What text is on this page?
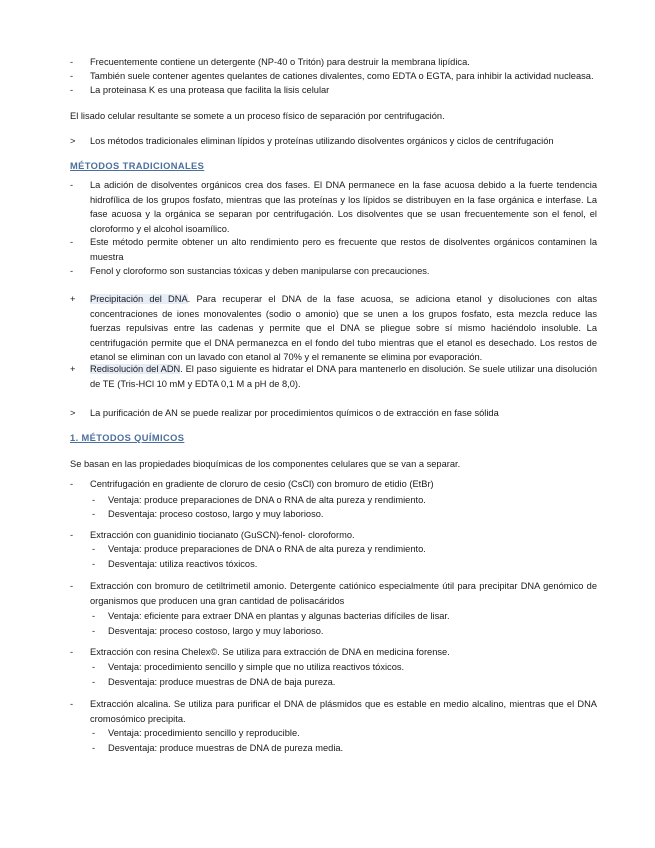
-	Frecuentemente contiene un detergente (NP-40 o Tritón) para destruir la membrana lipídica.
-	También suele contener agentes quelantes de cationes divalentes, como EDTA o EGTA, para inhibir la actividad nucleasa.
-	La proteinasa K es una proteasa que facilita la lisis celular
El lisado celular resultante se somete a un proceso físico de separación por centrifugación.
>	Los métodos tradicionales eliminan lípidos y proteínas utilizando disolventes orgánicos y ciclos de centrifugación
MÉTODOS TRADICIONALES
-	La adición de disolventes orgánicos crea dos fases. El DNA permanece en la fase acuosa debido a la fuerte tendencia hidrofílica de los grupos fosfato, mientras que las proteínas y los lípidos se distribuyen en la fase orgánica e interfase. La fase acuosa y la orgánica se separan por centrifugación. Los disolventes que se usan frecuentemente son el fenol, el cloroformo y el alcohol isoamílico.
-	Este método permite obtener un alto rendimiento pero es frecuente que restos de disolventes orgánicos contaminen la muestra
-	Fenol y cloroformo son sustancias tóxicas y deben manipularse con precauciones.
+	Precipitación del DNA. Para recuperar el DNA de la fase acuosa, se adiciona etanol y disoluciones con altas concentraciones de iones monovalentes (sodio o amonio) que se unen a los grupos fosfato, esta mezcla reduce las fuerzas repulsivas entre las cadenas y permite que el DNA se pliegue sobre sí mismo haciéndolo insoluble. La centrifugación permite que el DNA permanezca en el fondo del tubo mientras que el etanol es desechado. Los restos de etanol se eliminan con un lavado con etanol al 70% y el remanente se elimina por evaporación.
+	Redisolución del ADN. El paso siguiente es hidratar el DNA para mantenerlo en disolución. Se suele utilizar una disolución de TE (Tris-HCl 10 mM y EDTA 0,1 M a pH de 8,0).
>	La purificación de AN se puede realizar por procedimientos químicos o de extracción en fase sólida
1. MÉTODOS QUÍMICOS
Se basan en las propiedades bioquímicas de los componentes celulares que se van a separar.
-	Centrifugación en gradiente de cloruro de cesio (CsCl) con bromuro de etidio (EtBr)
- Ventaja: produce preparaciones de DNA o RNA de alta pureza y rendimiento.
- Desventaja: proceso costoso, largo y muy laborioso.
-	Extracción con guanidinio tiocianato (GuSCN)-fenol- cloroformo.
- Ventaja: produce preparaciones de DNA o RNA de alta pureza y rendimiento.
- Desventaja: utiliza reactivos tóxicos.
-	Extracción con bromuro de cetiltrimetil amonio. Detergente catiónico especialmente útil para precipitar DNA genómico de organismos que producen una gran cantidad de polisacáridos
- Ventaja: eficiente para extraer DNA en plantas y algunas bacterias difíciles de lisar.
- Desventaja: proceso costoso, largo y muy laborioso.
-	Extracción con resina Chelex©. Se utiliza para extracción de DNA en medicina forense.
- Ventaja: procedimiento sencillo y simple que no utiliza reactivos tóxicos.
- Desventaja: produce muestras de DNA de baja pureza.
-	Extracción alcalina. Se utiliza para purificar el DNA de plásmidos que es estable en medio alcalino, mientras que el DNA cromosómico precipita.
- Ventaja: procedimiento sencillo y reproducible.
- Desventaja: produce muestras de DNA de pureza media.
